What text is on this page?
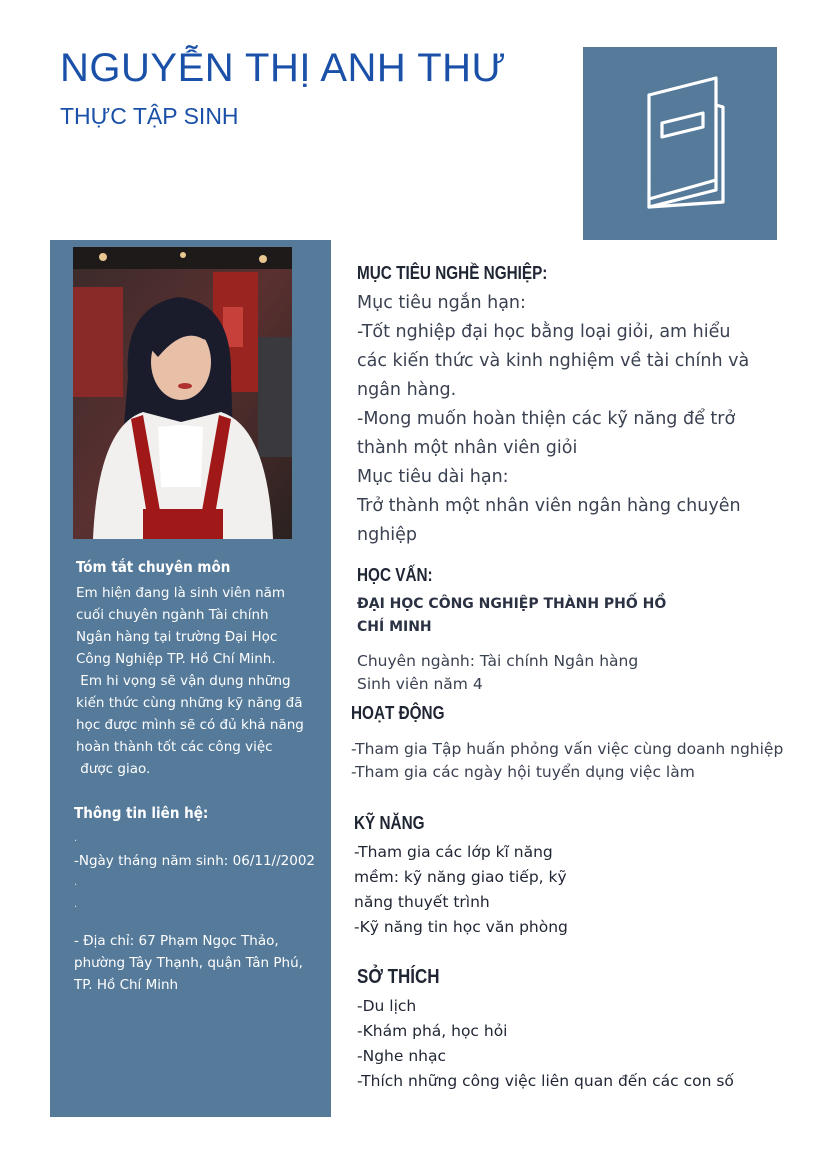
NGUYỄN THỊ ANH THƯ
THỰC TẬP SINH
Tóm tắt chuyên môn
Em hiện đang là sinh viên năm
cuối chuyên ngành Tài chính
Ngân hàng tại trường Đại Học
Công Nghiệp TP. Hồ Chí Minh.
Em hi vọng sẽ vận dụng những
kiến thức cùng những kỹ năng đã
học được mình sẽ có đủ khả năng
hoàn thành tốt các công việc
được giao.
Thông tin liên hệ:
.
-Ngày tháng năm sinh: 06/11//2002
.
.
- Địa chỉ: 67 Phạm Ngọc Thảo,
phường Tây Thạnh, quận Tân Phú,
TP. Hồ Chí Minh
MỤC TIÊU NGHỀ NGHIỆP:
Mục tiêu ngắn hạn:
-Tốt nghiệp đại học bằng loại giỏi, am hiểu
các kiến thức và kinh nghiệm về tài chính và
ngân hàng.
-Mong muốn hoàn thiện các kỹ năng để trở
thành một nhân viên giỏi
Mục tiêu dài hạn:
Trở thành một nhân viên ngân hàng chuyên
nghiệp
HỌC VẤN:
ĐẠI HỌC CÔNG NGHIỆP THÀNH PHỐ HỒ
CHÍ MINH
Chuyên ngành: Tài chính Ngân hàng
Sinh viên năm 4
HOẠT ĐỘNG
-Tham gia Tập huấn phỏng vấn việc cùng doanh nghiệp
-Tham gia các ngày hội tuyển dụng việc làm
KỸ NĂNG
-Tham gia các lớp kĩ năng
mềm: kỹ năng giao tiếp, kỹ
năng thuyết trình
-Kỹ năng tin học văn phòng
SỞ THÍCH
-Du lịch
-Khám phá, học hỏi
-Nghe nhạc
-Thích những công việc liên quan đến các con số
